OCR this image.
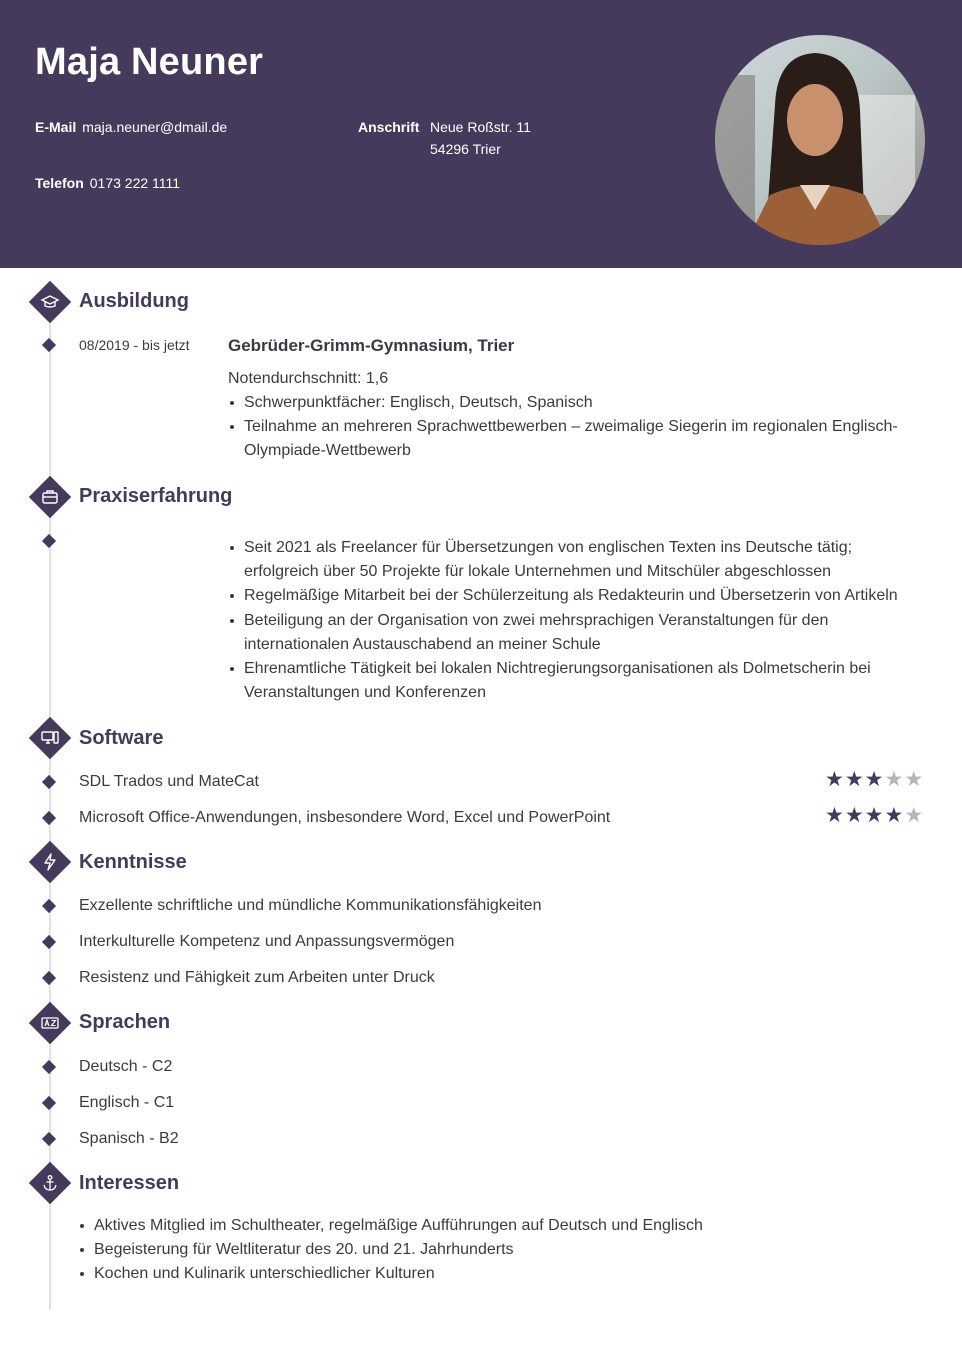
Maja Neuner
E-Mail maja.neuner@dmail.de
Telefon 0173 222 1111
Anschrift Neue Roßstr. 11
54296 Trier
Ausbildung
08/2019 - bis jetzt Gebrüder-Grimm-Gymnasium, Trier
Notendurchschnitt: 1,6
Schwerpunktfächer: Englisch, Deutsch, Spanisch
Teilnahme an mehreren Sprachwettbewerben – zweimalige Siegerin im regionalen Englisch-Olympiade-Wettbewerb
Praxiserfahrung
Seit 2021 als Freelancer für Übersetzungen von englischen Texten ins Deutsche tätig; erfolgreich über 50 Projekte für lokale Unternehmen und Mitschüler abgeschlossen
Regelmäßige Mitarbeit bei der Schülerzeitung als Redakteurin und Übersetzerin von Artikeln
Beteiligung an der Organisation von zwei mehrsprachigen Veranstaltungen für den internationalen Austauschabend an meiner Schule
Ehrenamtliche Tätigkeit bei lokalen Nichtregierungsorganisationen als Dolmetscherin bei Veranstaltungen und Konferenzen
Software
SDL Trados und MateCat	★★★★★
Microsoft Office-Anwendungen, insbesondere Word, Excel und PowerPoint	★★★★★
Kenntnisse
Exzellente schriftliche und mündliche Kommunikationsfähigkeiten
Interkulturelle Kompetenz und Anpassungsvermögen
Resistenz und Fähigkeit zum Arbeiten unter Druck
Sprachen
Deutsch - C2
Englisch - C1
Spanisch - B2
Interessen
Aktives Mitglied im Schultheater, regelmäßige Aufführungen auf Deutsch und Englisch
Begeisterung für Weltliteratur des 20. und 21. Jahrhunderts
Kochen und Kulinarik unterschiedlicher Kulturen
